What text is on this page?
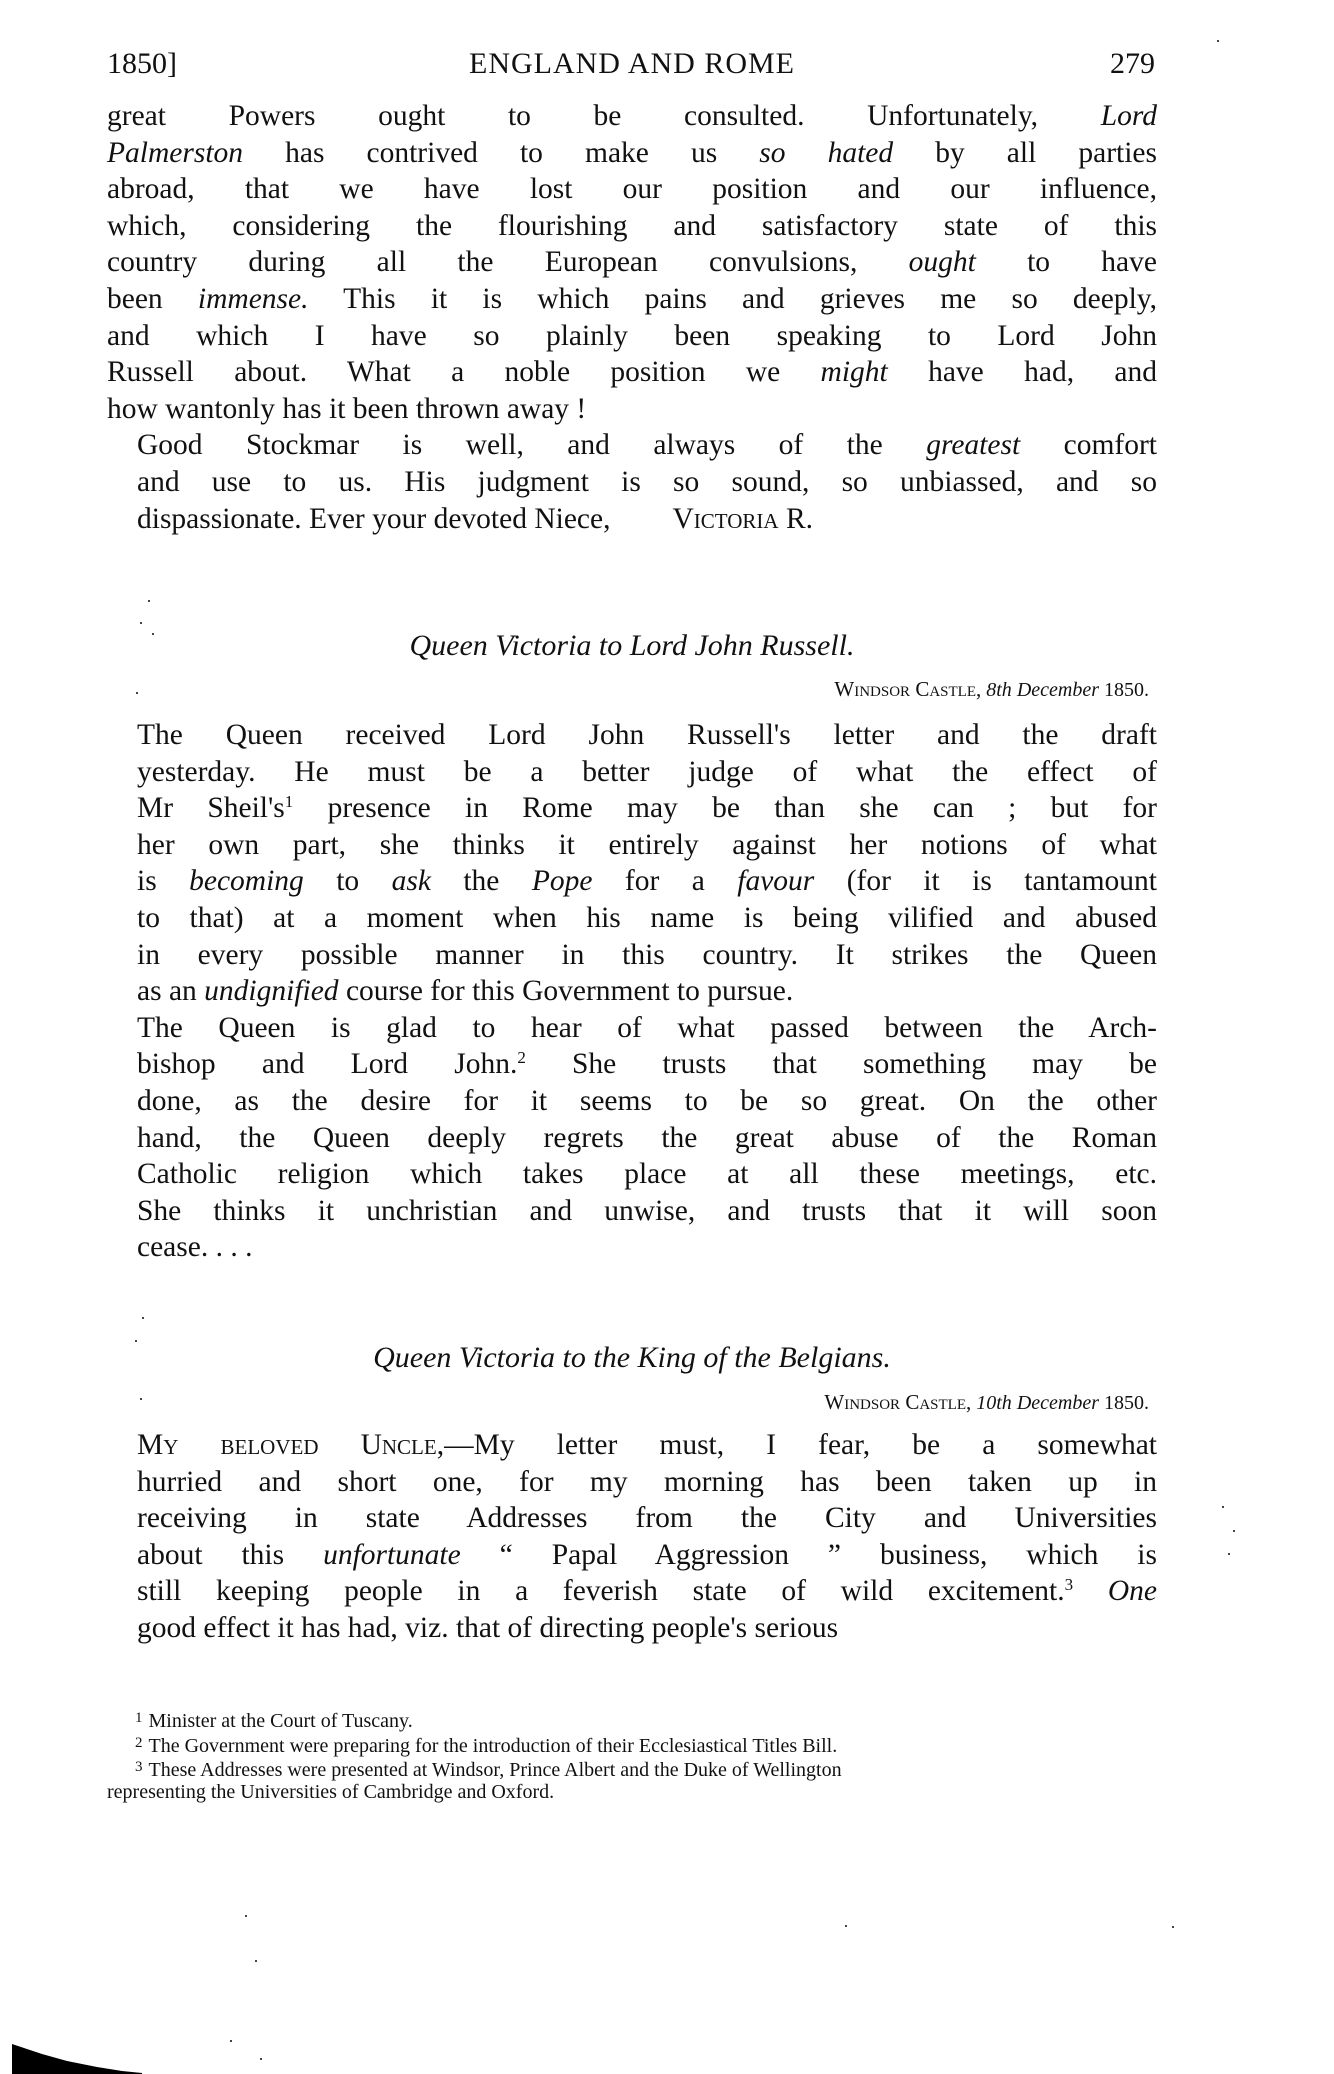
1850]	ENGLAND AND ROME	279
great Powers ought to be consulted. Unfortunately, Lord
Palmerston has contrived to make us so hated by all parties
abroad, that we have lost our position and our influence,
which, considering the flourishing and satisfactory state of this
country during all the European convulsions, ought to have
been immense. This it is which pains and grieves me so deeply,
and which I have so plainly been speaking to Lord John
Russell about. What a noble position we might have had, and
how wantonly has it been thrown away !
Good Stockmar is well, and always of the greatest comfort
and use to us. His judgment is so sound, so unbiassed, and so
dispassionate. Ever your devoted Niece, Victoria R.
Queen Victoria to Lord John Russell.
Windsor Castle, 8th December 1850.
The Queen received Lord John Russell's letter and the draft
yesterday. He must be a better judge of what the effect of
Mr $Sheil's^1$ presence in Rome may be than she can ; but for
her own part, she thinks it entirely against her notions of what
is becoming to ask the Pope for a favour (for it is tantamount
to that) at a moment when his name is being vilified and abused
in every possible manner in this country. It strikes the Queen
as an undignified course for this Government to pursue.
The Queen is glad to hear of what passed between the Arch-
bishop and Lord John.$^2$ She trusts that something may be
done, as the desire for it seems to be so great. On the other
hand, the Queen deeply regrets the great abuse of the Roman
Catholic religion which takes place at all these meetings, etc.
She thinks it unchristian and unwise, and trusts that it will soon
cease. . . .
Queen Victoria to the King of the Belgians.
Windsor Castle, 10th December 1850.
My beloved Uncle,—My letter must, I fear, be a somewhat
hurried and short one, for my morning has been taken up in
receiving in state Addresses from the City and Universities
about this unfortunate “ Papal Aggression ” business, which is
still keeping people in a feverish state of wild excitement.$^3$ One
good effect it has had, viz. that of directing people's serious
$^1$ Minister at the Court of Tuscany.
$^2$ The Government were preparing for the introduction of their Ecclesiastical Titles Bill.
$^3$ These Addresses were presented at Windsor, Prince Albert and the Duke of Wellington
representing the Universities of Cambridge and Oxford.
